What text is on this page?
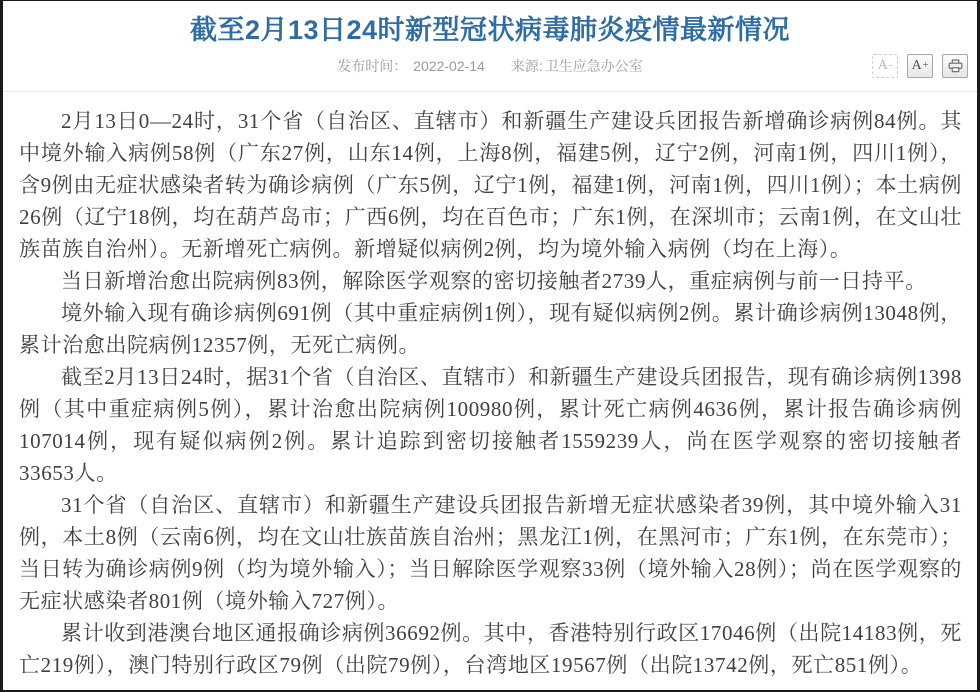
截至2月13日24时新型冠状病毒肺炎疫情最新情况
发布时间： 2022-02-14 来源: 卫生应急办公室	A - A +

2月13日0—24时，31个省（自治区、直辖市）和新疆生产建设兵团报告新增确诊病例84例。其中境外输入病例58例（广东27例，山东14例，上海8例，福建5例，辽宁2例，河南1例，四川1例），含9例由无症状感染者转为确诊病例（广东5例，辽宁1例，福建1例，河南1例，四川1例）；本土病例26例（辽宁18例，均在葫芦岛市；广西6例，均在百色市；广东1例，在深圳市；云南1例，在文山壮族苗族自治州）。无新增死亡病例。新增疑似病例2例，均为境外输入病例（均在上海）。

当日新增治愈出院病例83例，解除医学观察的密切接触者2739人，重症病例与前一日持平。

境外输入现有确诊病例691例（其中重症病例1例），现有疑似病例2例。累计确诊病例13048例，累计治愈出院病例12357例，无死亡病例。

截至2月13日24时，据31个省（自治区、直辖市）和新疆生产建设兵团报告，现有确诊病例1398例（其中重症病例5例），累计治愈出院病例100980例，累计死亡病例4636例，累计报告确诊病例107014例，现有疑似病例2例。累计追踪到密切接触者1559239人，尚在医学观察的密切接触者33653人。

31个省（自治区、直辖市）和新疆生产建设兵团报告新增无症状感染者39例，其中境外输入31例，本土8例（云南6例，均在文山壮族苗族自治州；黑龙江1例，在黑河市；广东1例，在东莞市）；当日转为确诊病例9例（均为境外输入）；当日解除医学观察33例（境外输入28例）；尚在医学观察的无症状感染者801例（境外输入727例）。

累计收到港澳台地区通报确诊病例36692例。其中，香港特别行政区17046例（出院14183例，死亡219例），澳门特别行政区79例（出院79例），台湾地区19567例（出院13742例，死亡851例）。
